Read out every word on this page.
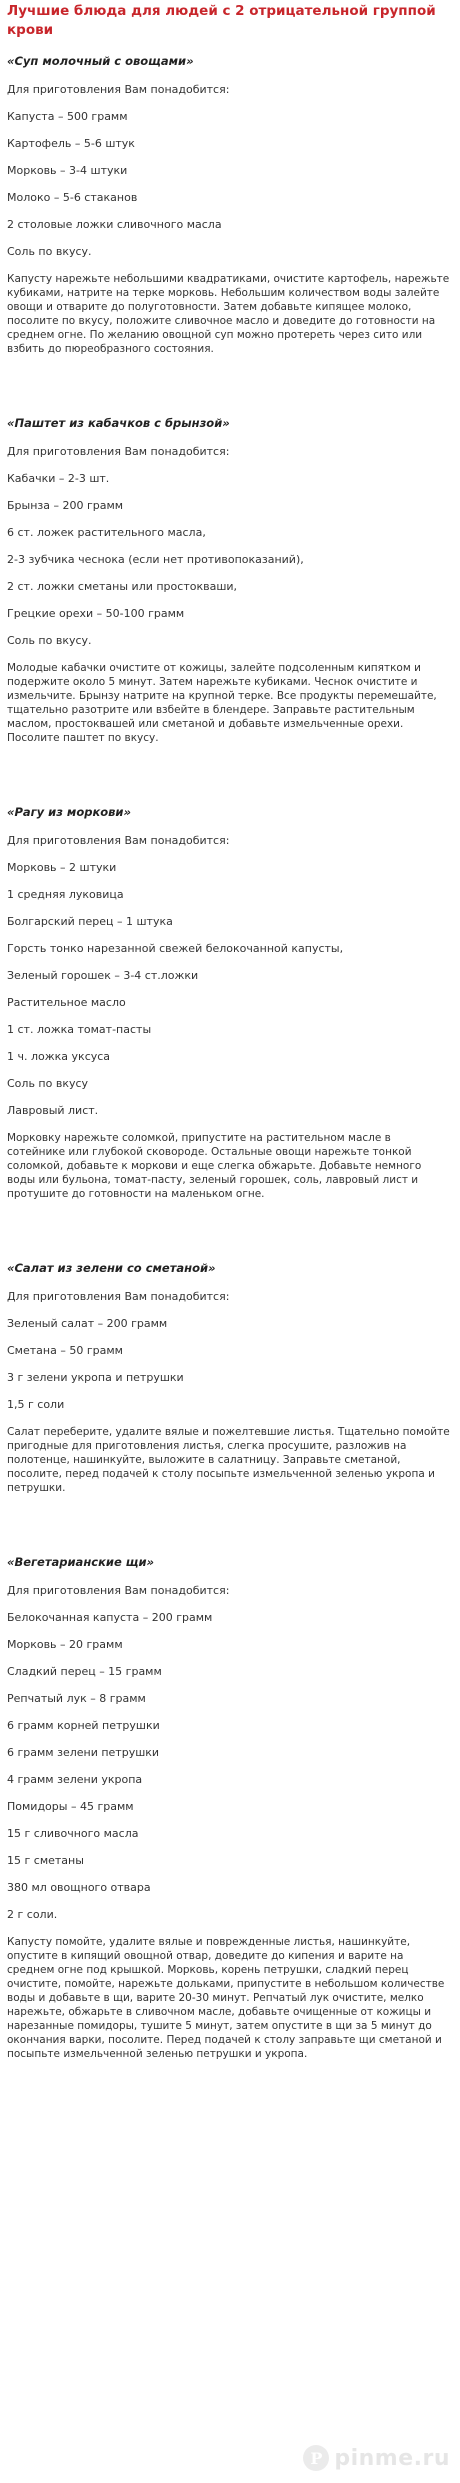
Лучшие блюда для людей с 2 отрицательной группой крови
«Суп молочный с овощами»

Для приготовления Вам понадобится:

Капуста – 500 грамм

Картофель – 5-6 штук

Морковь – 3-4 штуки

Молоко – 5-6 стаканов

2 столовые ложки сливочного масла

Соль по вкусу.

Капусту нарежьте небольшими квадратиками, очистите картофель, нарежьте кубиками, натрите на терке морковь. Небольшим количеством воды залейте овощи и отварите до полуготовности. Затем добавьте кипящее молоко, посолите по вкусу, положите сливочное масло и доведите до готовности на среднем огне. По желанию овощной суп можно протереть через сито или взбить до пюреобразного состояния.

«Паштет из кабачков с брынзой»

Для приготовления Вам понадобится:

Кабачки – 2-3 шт.

Брынза – 200 грамм

6 ст. ложек растительного масла,

2-3 зубчика чеснока (если нет противопоказаний),

2 ст. ложки сметаны или простокваши,

Грецкие орехи – 50-100 грамм

Соль по вкусу.

Молодые кабачки очистите от кожицы, залейте подсоленным кипятком и подержите около 5 минут. Затем нарежьте кубиками. Чеснок очистите и измельчите. Брынзу натрите на крупной терке. Все продукты перемешайте, тщательно разотрите или взбейте в блендере. Заправьте растительным маслом, простоквашей или сметаной и добавьте измельченные орехи. Посолите паштет по вкусу.

«Рагу из моркови»

Для приготовления Вам понадобится:

Морковь – 2 штуки

1 средняя луковица

Болгарский перец – 1 штука

Горсть тонко нарезанной свежей белокочанной капусты,

Зеленый горошек – 3-4 ст.ложки

Растительное масло

1 ст. ложка томат-пасты

1 ч. ложка уксуса

Соль по вкусу

Лавровый лист.

Морковку нарежьте соломкой, припустите на растительном масле в сотейнике или глубокой сковороде. Остальные овощи нарежьте тонкой соломкой, добавьте к моркови и еще слегка обжарьте. Добавьте немного воды или бульона, томат-пасту, зеленый горошек, соль, лавровый лист и протушите до готовности на маленьком огне.

«Салат из зелени со сметаной»

Для приготовления Вам понадобится:

Зеленый салат – 200 грамм

Сметана – 50 грамм

3 г зелени укропа и петрушки

1,5 г соли

Салат переберите, удалите вялые и пожелтевшие листья. Тщательно помойте пригодные для приготовления листья, слегка просушите, разложив на полотенце, нашинкуйте, выложите в салатницу. Заправьте сметаной, посолите, перед подачей к столу посыпьте измельченной зеленью укропа и петрушки.

«Вегетарианские щи»

Для приготовления Вам понадобится:

Белокочанная капуста – 200 грамм

Морковь – 20 грамм

Сладкий перец – 15 грамм

Репчатый лук – 8 грамм

6 грамм корней петрушки

6 грамм зелени петрушки

4 грамм зелени укропа

Помидоры – 45 грамм

15 г сливочного масла

15 г сметаны

380 мл овощного отвара

2 г соли.

Капусту помойте, удалите вялые и поврежденные листья, нашинкуйте, опустите в кипящий овощной отвар, доведите до кипения и варите на среднем огне под крышкой. Морковь, корень петрушки, сладкий перец очистите, помойте, нарежьте дольками, припустите в небольшом количестве воды и добавьте в щи, варите 20-30 минут. Репчатый лук очистите, мелко нарежьте, обжарьте в сливочном масле, добавьте очищенные от кожицы и нарезанные помидоры, тушите 5 минут, затем опустите в щи за 5 минут до окончания варки, посолите. Перед подачей к столу заправьте щи сметаной и посыпьте измельченной зеленью петрушки и укропа.

P pinme.ru
